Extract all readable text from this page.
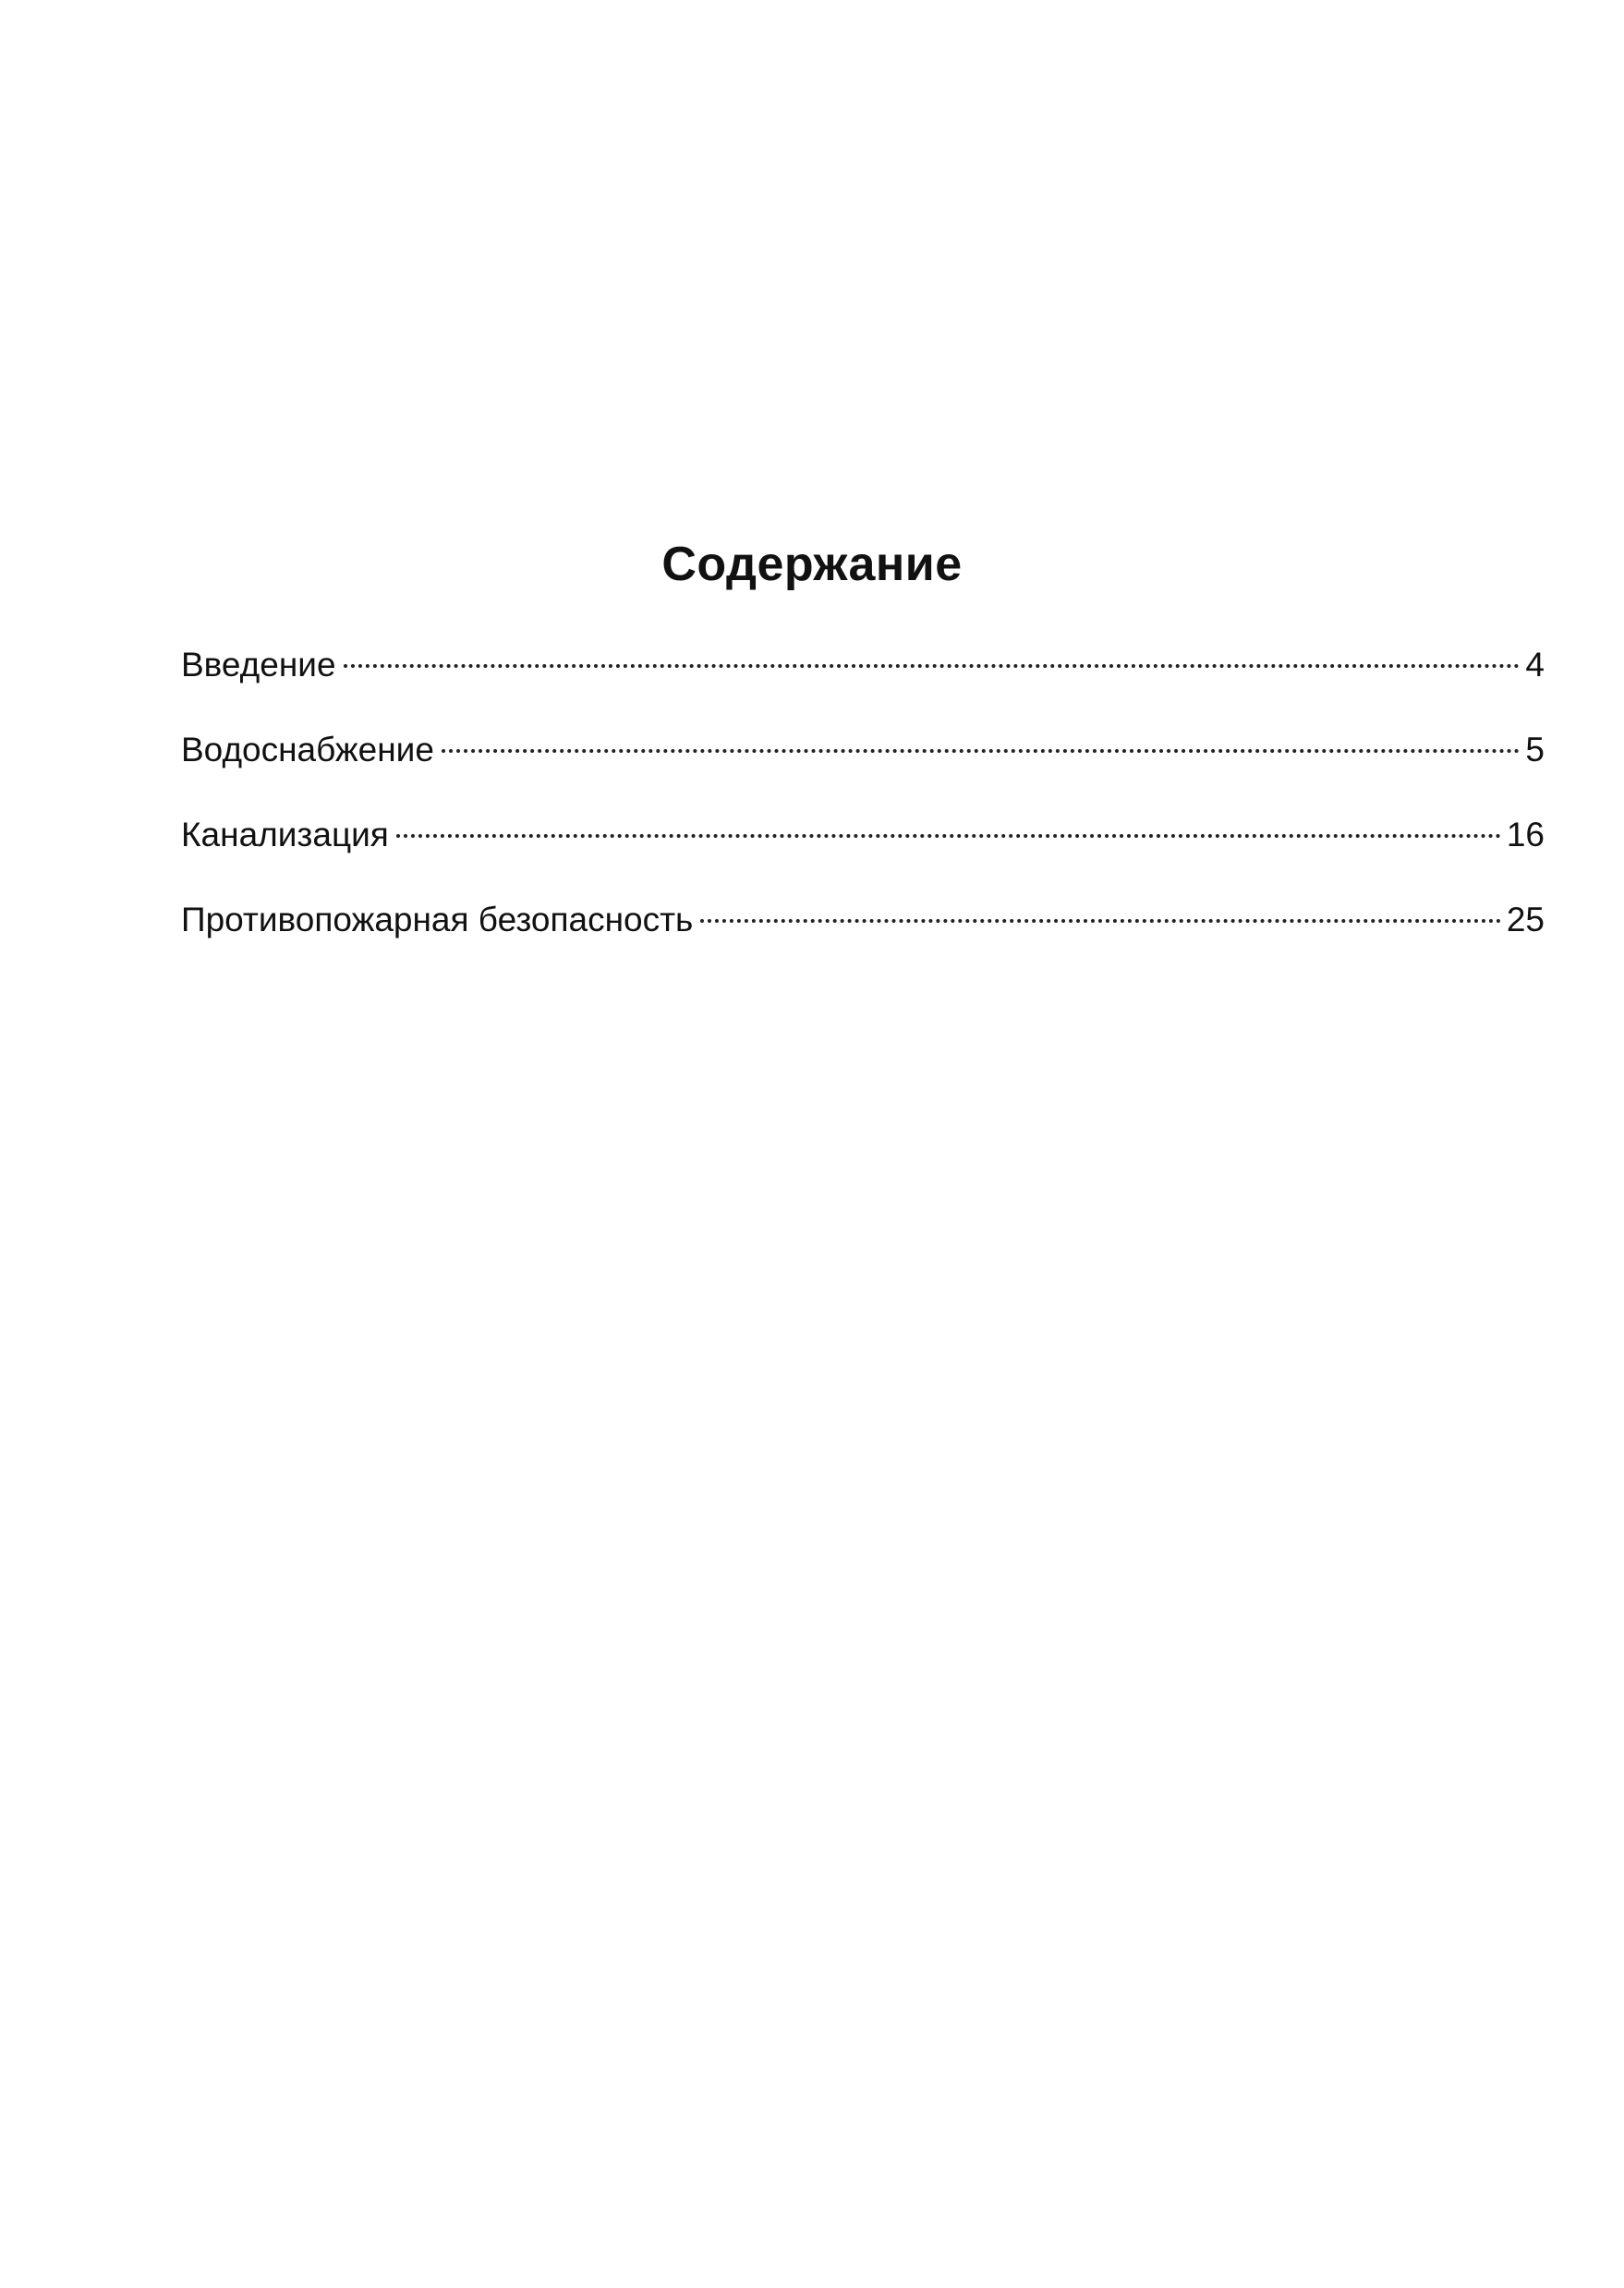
Содержание
Введение	4
Водоснабжение	5
Канализация	16
Противопожарная безопасность	25
